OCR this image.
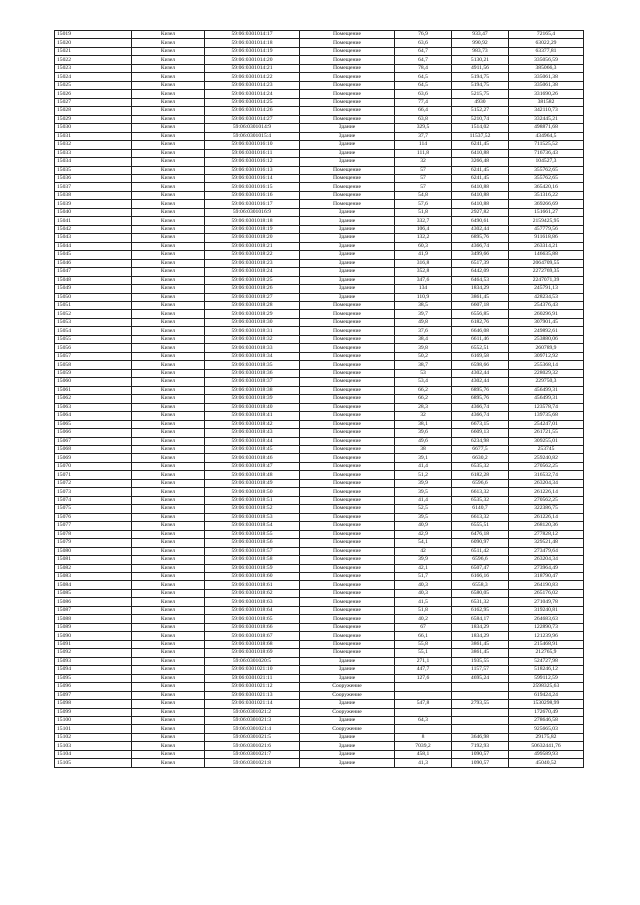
15019	Кизел	59:06:0301014:17	Помещение	76,9	933,47	72165,4
15020	Кизел	59:06:0301014:18	Помещение	63,6	990,92	63022,29
15021	Кизел	59:06:0301014:19	Помещение	64,7	983,73	63377,81
15022	Кизел	59:06:0301014:20	Помещение	64,7	5130,21	335056,59
15023	Кизел	59:06:0301014:21	Помещение	78,4	4911,56	385066,3
15024	Кизел	59:06:0301014:22	Помещение	64,5	5194,75	335061,38
15025	Кизел	59:06:0301014:23	Помещение	64,5	5194,75	335061,38
15026	Кизел	59:06:0301014:24	Помещение	63,6	5215,75	331690,26
15027	Кизел	59:06:0301014:25	Помещение	77,4	4930	381582
15028	Кизел	59:06:0301014:26	Помещение	66,4	5152,27	342110,73
15029	Кизел	59:06:0301014:27	Помещение	63,8	5210,74	332445,21
15030	Кизел	59:06:0301014:9	Здание	329,5	1514,02	498871,68
15031	Кизел	59:06:0301015:4	Здание	37,7	11537,52	434964,5
15032	Кизел	59:06:0301016:10	Здание	114	6241,45	711525,52
15033	Кизел	59:06:0301016:11	Здание	111,8	6410,88	716736,43
15034	Кизел	59:06:0301016:12	Здание	32	3266,48	104527,3
15035	Кизел	59:06:0301016:13	Помещение	57	6241,45	355762,65
15036	Кизел	59:06:0301016:14	Помещение	57	6241,45	355762,65
15037	Кизел	59:06:0301016:15	Помещение	57	6410,88	365420,16
15038	Кизел	59:06:0301016:16	Помещение	54,8	6410,88	351316,22
15039	Кизел	59:06:0301016:17	Помещение	57,6	6410,88	369266,69
15040	Кизел	59:06:0301016:9	Здание	51,8	2927,82	151661,27
15041	Кизел	59:06:0301018:18	Здание	332,7	6490,61	2159425,95
15042	Кизел	59:06:0301018:19	Здание	106,4	4302,44	457779,56
15043	Кизел	59:06:0301018:20	Здание	132,2	6895,76	911618,86
15044	Кизел	59:06:0301018:21	Здание	60,3	4366,74	263314,21
15045	Кизел	59:06:0301018:22	Здание	41,9	3499,66	146635,88
15046	Кизел	59:06:0301018:23	Здание	316,8	6517,39	2064709,55
15047	Кизел	59:06:0301018:24	Здание	352,8	6442,09	2272769,35
15048	Кизел	59:06:0301018:25	Здание	347,6	6464,53	2247071,39
15049	Кизел	59:06:0301018:26	Здание	134	1834,29	245791,13
15050	Кизел	59:06:0301018:27	Здание	110,9	3861,45	428234,53
15051	Кизел	59:06:0301018:28	Помещение	38,5	6607,18	254376,43
15052	Кизел	59:06:0301018:29	Помещение	39,7	6556,85	260296,91
15053	Кизел	59:06:0301018:30	Помещение	49,8	6182,76	307901,45
15054	Кизел	59:06:0301018:31	Помещение	37,6	6646,08	249892,61
15055	Кизел	59:06:0301018:32	Помещение	38,4	6611,46	253880,06
15056	Кизел	59:06:0301018:33	Помещение	39,8	6552,51	260789,9
15057	Кизел	59:06:0301018:34	Помещение	50,2	6169,58	309712,92
15058	Кизел	59:06:0301018:35	Помещение	38,7	6598,66	255368,14
15059	Кизел	59:06:0301018:36	Помещение	53	4302,44	228029,32
15060	Кизел	59:06:0301018:37	Помещение	53,4	4302,44	229750,3
15061	Кизел	59:06:0301018:38	Помещение	66,2	6895,76	456499,31
15062	Кизел	59:06:0301018:39	Помещение	66,2	6895,76	456499,31
15063	Кизел	59:06:0301018:40	Помещение	28,3	4366,74	123578,74
15064	Кизел	59:06:0301018:41	Помещение	32	4366,74	139735,68
15065	Кизел	59:06:0301018:42	Помещение	38,1	6673,15	254247,01
15066	Кизел	59:06:0301018:43	Помещение	39,6	6609,13	261721,55
15067	Кизел	59:06:0301018:44	Помещение	49,6	6234,98	309255,01
15068	Кизел	59:06:0301018:45	Помещение	38	6677,5	253745
15069	Кизел	59:06:0301018:46	Помещение	39,1	6630,2	259240,82
15070	Кизел	59:06:0301018:47	Помещение	41,4	6535,32	270562,25
15071	Кизел	59:06:0301018:48	Помещение	51,2	6182,28	316532,74
15072	Кизел	59:06:0301018:49	Помещение	39,9	6596,6	263204,34
15073	Кизел	59:06:0301018:50	Помещение	39,5	6613,32	261226,14
15074	Кизел	59:06:0301018:51	Помещение	41,4	6535,32	270562,25
15075	Кизел	59:06:0301018:52	Помещение	52,5	6140,7	322386,75
15076	Кизел	59:06:0301018:53	Помещение	39,5	6613,32	261226,14
15077	Кизел	59:06:0301018:54	Помещение	40,9	6555,51	268120,36
15078	Кизел	59:06:0301018:55	Помещение	42,9	6476,18	277828,12
15079	Кизел	59:06:0301018:56	Помещение	54,1	6090,97	329521,48
15080	Кизел	59:06:0301018:57	Помещение	42	6511,42	273479,64
15081	Кизел	59:06:0301018:58	Помещение	39,9	6596,6	263204,34
15082	Кизел	59:06:0301018:59	Помещение	42,1	6507,47	273964,49
15083	Кизел	59:06:0301018:60	Помещение	51,7	6166,16	318790,47
15084	Кизел	59:06:0301018:61	Помещение	40,3	6558,3	264190,83
15085	Кизел	59:06:0301018:62	Помещение	40,3	6580,05	265176,02
15086	Кизел	59:06:0301018:63	Помещение	41,5	6531,32	271049,78
15087	Кизел	59:06:0301018:64	Помещение	51,8	6162,95	319240,81
15088	Кизел	59:06:0301018:65	Помещение	40,2	6584,17	264683,63
15089	Кизел	59:06:0301018:66	Помещение	67	1834,29	122890,73
15090	Кизел	59:06:0301018:67	Помещение	66,1	1834,29	121239,96
15091	Кизел	59:06:0301018:68	Помещение	55,8	3861,45	215468,91
15092	Кизел	59:06:0301018:69	Помещение	55,1	3861,45	212765,9
15093	Кизел	59:06:0301020:5	Здание	271,1	1935,55	524727,98
15094	Кизел	59:06:0301021:10	Здание	447,7	1157,57	518246,12
15095	Кизел	59:06:0301021:11	Здание	127,6	4695,24	599112,59
15096	Кизел	59:06:0301021:12	Сооружение			2598325,63
15097	Кизел	59:06:0301021:13	Сооружение			619424,24
15098	Кизел	59:06:0301021:14	Здание	547,8	2793,55	1530298,99
15099	Кизел	59:06:0301021:2	Сооружение			172670,49
15100	Кизел	59:06:0301021:3	Здание	64,3		278646,58
15101	Кизел	59:06:0301021:4	Сооружение			925665,03
15102	Кизел	59:06:0301021:5	Здание	8	3646,98	29175,82
15103	Кизел	59:06:0301021:6	Здание	7039,2	7192,93	50632441,76
15104	Кизел	59:06:0301021:7	Здание	458,1	1090,57	499589,93
15105	Кизел	59:06:0301021:8	Здание	41,3	1090,57	45040,52
